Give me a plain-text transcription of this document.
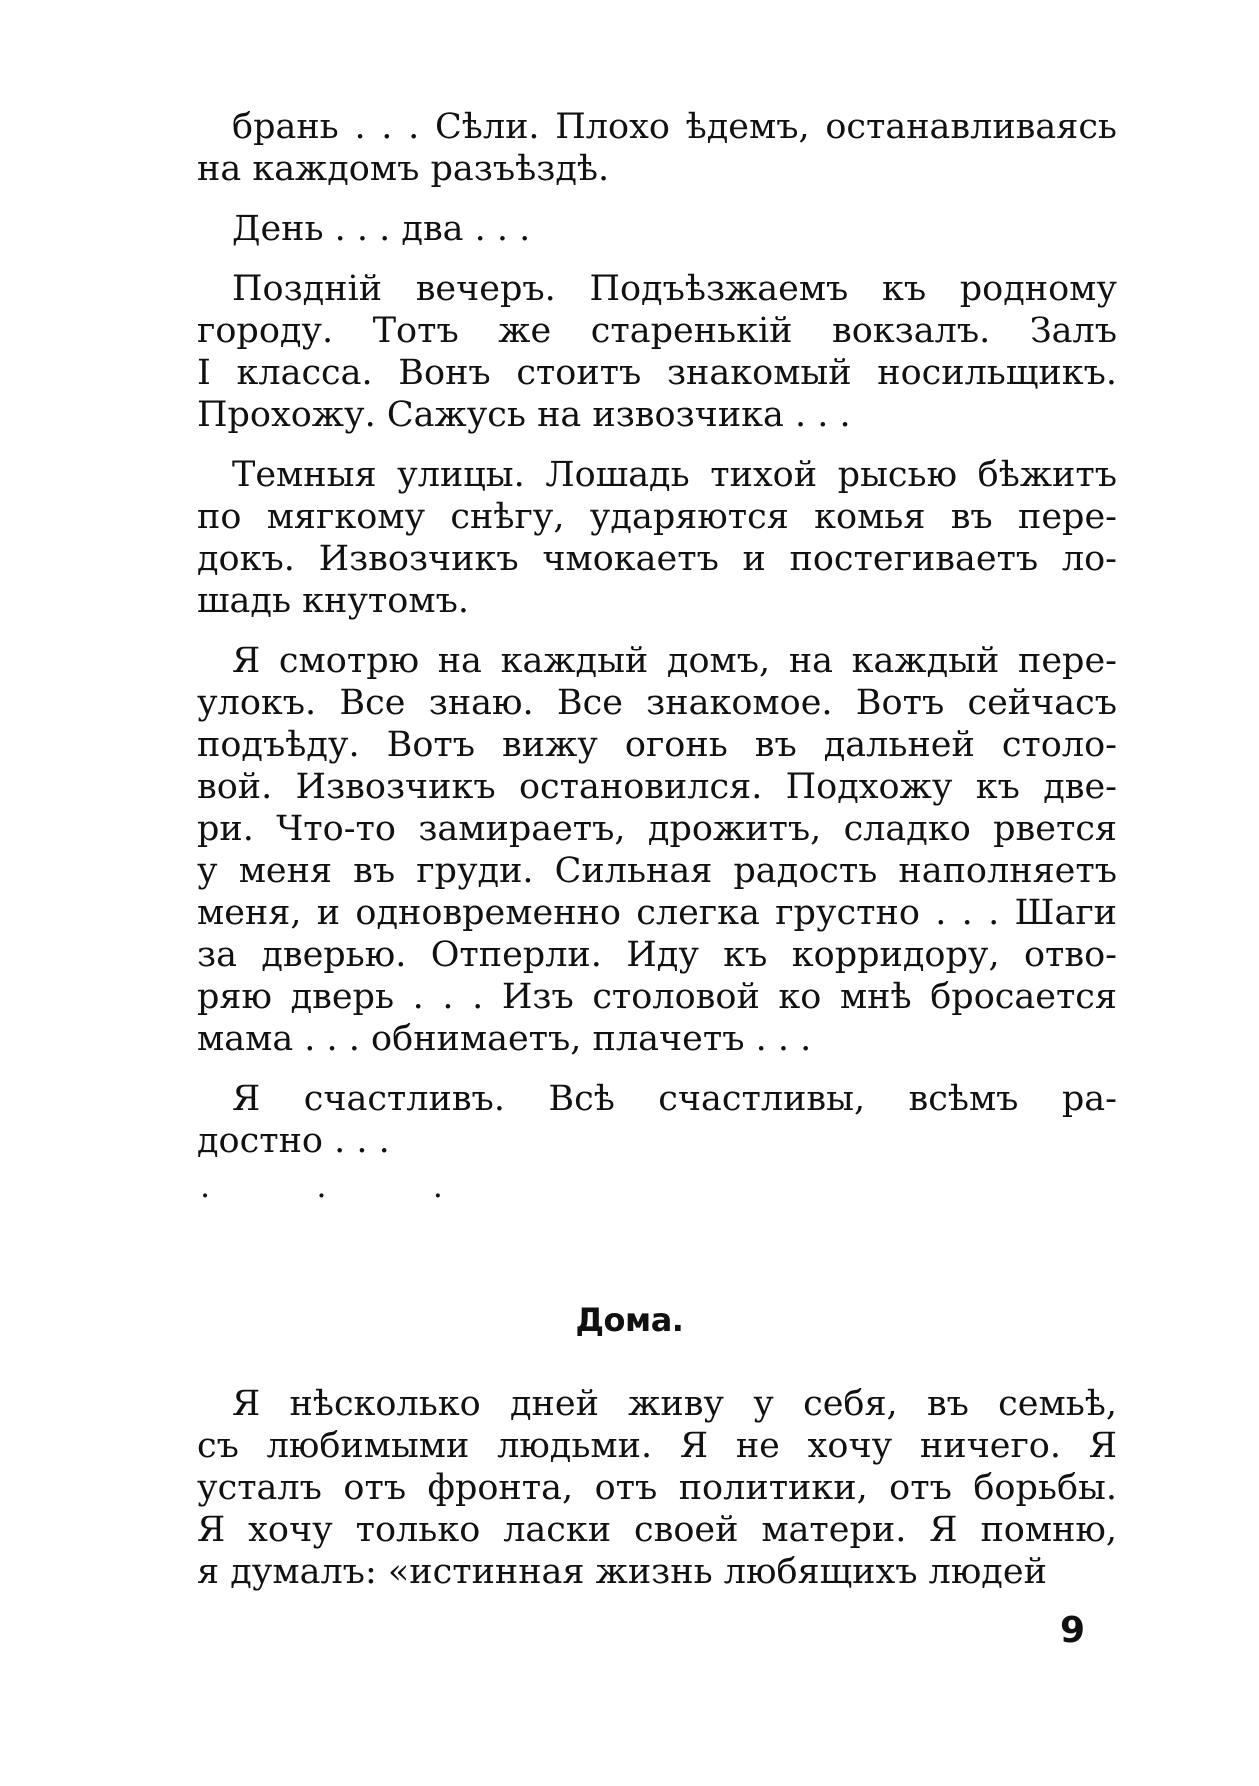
брань . . . Сѣли. Плохо ѣдемъ, останавливаясь
на каждомъ разъѣздѣ.
День . . . два . . .
Поздній вечеръ. Подъѣзжаемъ къ родному
городу. Тотъ же старенькій вокзалъ. Залъ
I класса. Вонъ стоитъ знакомый носильщикъ.
Прохожу. Сажусь на извозчика . . .
Темныя улицы. Лошадь тихой рысью бѣжитъ
по мягкому снѣгу, ударяются комья въ пере-
докъ. Извозчикъ чмокаетъ и постегиваетъ ло-
шадь кнутомъ.
Я смотрю на каждый домъ, на каждый пере-
улокъ. Все знаю. Все знакомое. Вотъ сейчасъ
подъѣду. Вотъ вижу огонь въ дальней столо-
вой. Извозчикъ остановился. Подхожу къ две-
ри. Что-то замираетъ, дрожитъ, сладко рвется
у меня въ груди. Сильная радость наполняетъ
меня, и одновременно слегка грустно . . . Шаги
за дверью. Отперли. Иду къ корридору, отво-
ряю дверь . . . Изъ столовой ко мнѣ бросается
мама . . . обнимаетъ, плачетъ . . .
Я счастливъ. Всѣ счастливы, всѣмъ ра-
достно . . .
. . .
Дома.
Я нѣсколько дней живу у себя, въ семьѣ,
съ любимыми людьми. Я не хочу ничего. Я
усталъ отъ фронта, отъ политики, отъ борьбы.
Я хочу только ласки своей матери. Я помню,
я думалъ: «истинная жизнь любящихъ людей
9
